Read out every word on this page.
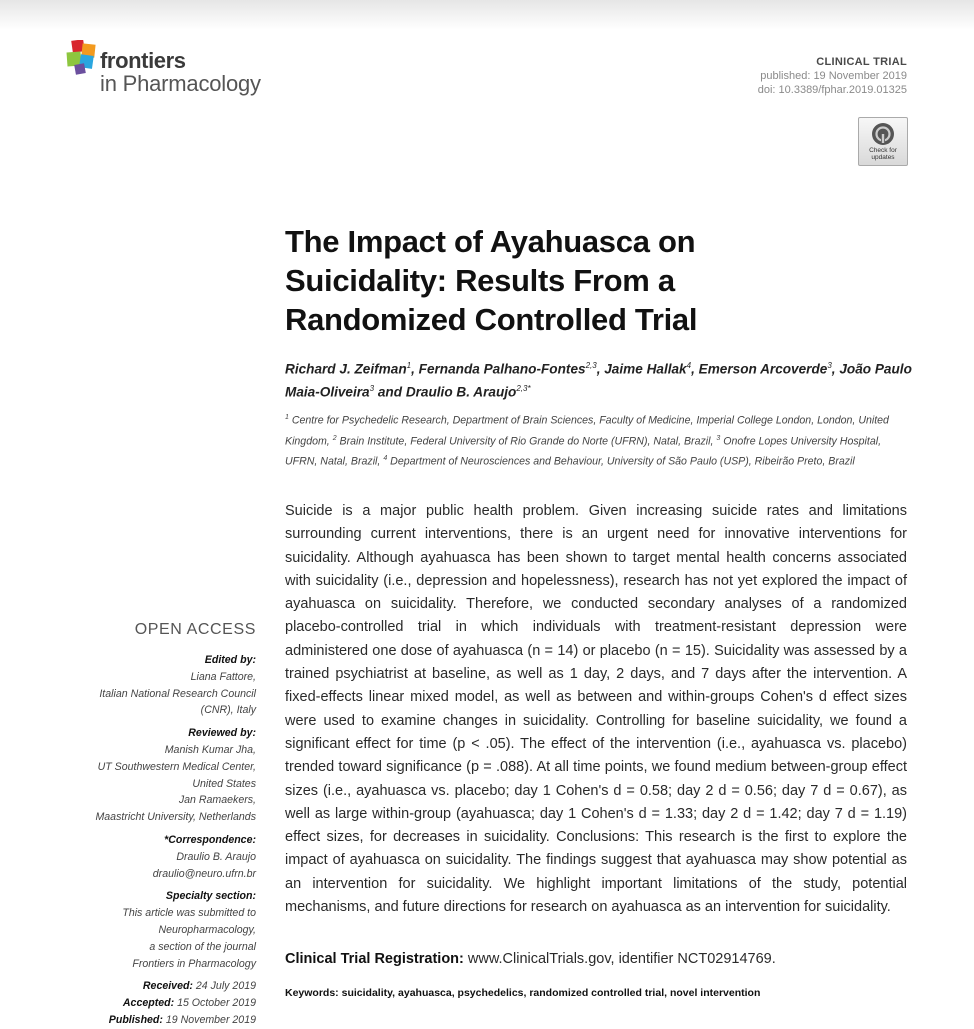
frontiers
in Pharmacology
CLINICAL TRIAL
published: 19 November 2019
doi: 10.3389/fphar.2019.01325
Check for updates
The Impact of Ayahuasca on Suicidality: Results From a Randomized Controlled Trial
Richard J. Zeifman$^1$, Fernanda Palhano-Fontes$^{2,3}$, Jaime Hallak$^4$, Emerson Arcoverde$^3$, João Paulo Maia-Oliveira$^3$ and Draulio B. Araujo$^{2,3*}$
$^1$ Centre for Psychedelic Research, Department of Brain Sciences, Faculty of Medicine, Imperial College London, London, United Kingdom, $^2$ Brain Institute, Federal University of Rio Grande do Norte (UFRN), Natal, Brazil, $^3$ Onofre Lopes University Hospital, UFRN, Natal, Brazil, $^4$ Department of Neurosciences and Behaviour, University of São Paulo (USP), Ribeirão Preto, Brazil
Suicide is a major public health problem. Given increasing suicide rates and limitations surrounding current interventions, there is an urgent need for innovative interventions for suicidality. Although ayahuasca has been shown to target mental health concerns associated with suicidality (i.e., depression and hopelessness), research has not yet explored the impact of ayahuasca on suicidality. Therefore, we conducted secondary analyses of a randomized placebo-controlled trial in which individuals with treatment-resistant depression were administered one dose of ayahuasca (n = 14) or placebo (n = 15). Suicidality was assessed by a trained psychiatrist at baseline, as well as 1 day, 2 days, and 7 days after the intervention. A fixed-effects linear mixed model, as well as between and within-groups Cohen's d effect sizes were used to examine changes in suicidality. Controlling for baseline suicidality, we found a significant effect for time (p < .05). The effect of the intervention (i.e., ayahuasca vs. placebo) trended toward significance (p = .088). At all time points, we found medium between-group effect sizes (i.e., ayahuasca vs. placebo; day 1 Cohen's d = 0.58; day 2 d = 0.56; day 7 d = 0.67), as well as large within-group (ayahuasca; day 1 Cohen's d = 1.33; day 2 d = 1.42; day 7 d = 1.19) effect sizes, for decreases in suicidality. Conclusions: This research is the first to explore the impact of ayahuasca on suicidality. The findings suggest that ayahuasca may show potential as an intervention for suicidality. We highlight important limitations of the study, potential mechanisms, and future directions for research on ayahuasca as an intervention for suicidality.
Clinical Trial Registration: www.ClinicalTrials.gov, identifier NCT02914769.
Keywords: suicidality, ayahuasca, psychedelics, randomized controlled trial, novel intervention
OPEN ACCESS
Edited by:
Liana Fattore,
Italian National Research Council
(CNR), Italy
Reviewed by:
Manish Kumar Jha,
UT Southwestern Medical Center,
United States
Jan Ramaekers,
Maastricht University, Netherlands
*Correspondence:
Draulio B. Araujo
draulio@neuro.ufrn.br
Specialty section:
This article was submitted to
Neuropharmacology,
a section of the journal
Frontiers in Pharmacology
Received: 24 July 2019
Accepted: 15 October 2019
Published: 19 November 2019
